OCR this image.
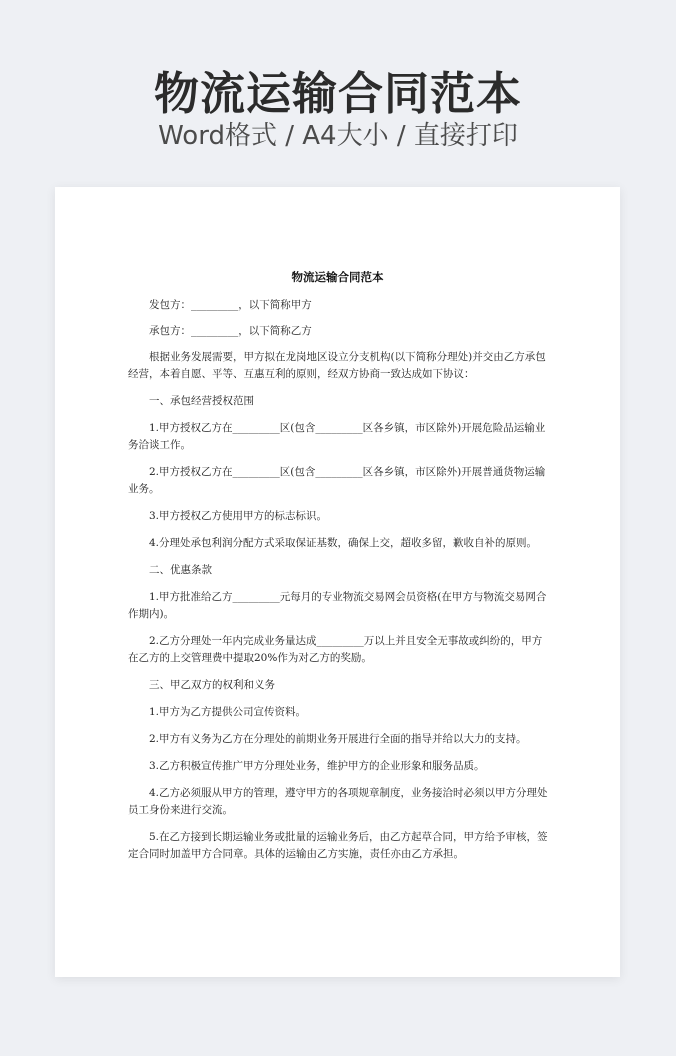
物流运输合同范本
Word格式 / A4大小 / 直接打印
物流运输合同范本

发包方：_________，以下简称甲方

承包方：_________，以下简称乙方

根据业务发展需要，甲方拟在龙岗地区设立分支机构(以下简称分理处)并交由乙方承包经营，本着自愿、平等、互惠互利的原则，经双方协商一致达成如下协议：

一、承包经营授权范围

1.甲方授权乙方在_________区(包含_________区各乡镇，市区除外)开展危险品运输业务洽谈工作。

2.甲方授权乙方在_________区(包含_________区各乡镇，市区除外)开展普通货物运输业务。

3.甲方授权乙方使用甲方的标志标识。

4.分理处承包利润分配方式采取保证基数，确保上交，超收多留，歉收自补的原则。

二、优惠条款

1.甲方批准给乙方_________元每月的专业物流交易网会员资格(在甲方与物流交易网合作期内)。

2.乙方分理处一年内完成业务量达成_________万以上并且安全无事故或纠纷的，甲方在乙方的上交管理费中提取20%作为对乙方的奖励。

三、甲乙双方的权利和义务

1.甲方为乙方提供公司宣传资料。

2.甲方有义务为乙方在分理处的前期业务开展进行全面的指导并给以大力的支持。

3.乙方积极宣传推广甲方分理处业务，维护甲方的企业形象和服务品质。

4.乙方必须服从甲方的管理，遵守甲方的各项规章制度，业务接洽时必须以甲方分理处员工身份来进行交流。

5.在乙方接到长期运输业务或批量的运输业务后，由乙方起草合同，甲方给予审核，签定合同时加盖甲方合同章。具体的运输由乙方实施，责任亦由乙方承担。
